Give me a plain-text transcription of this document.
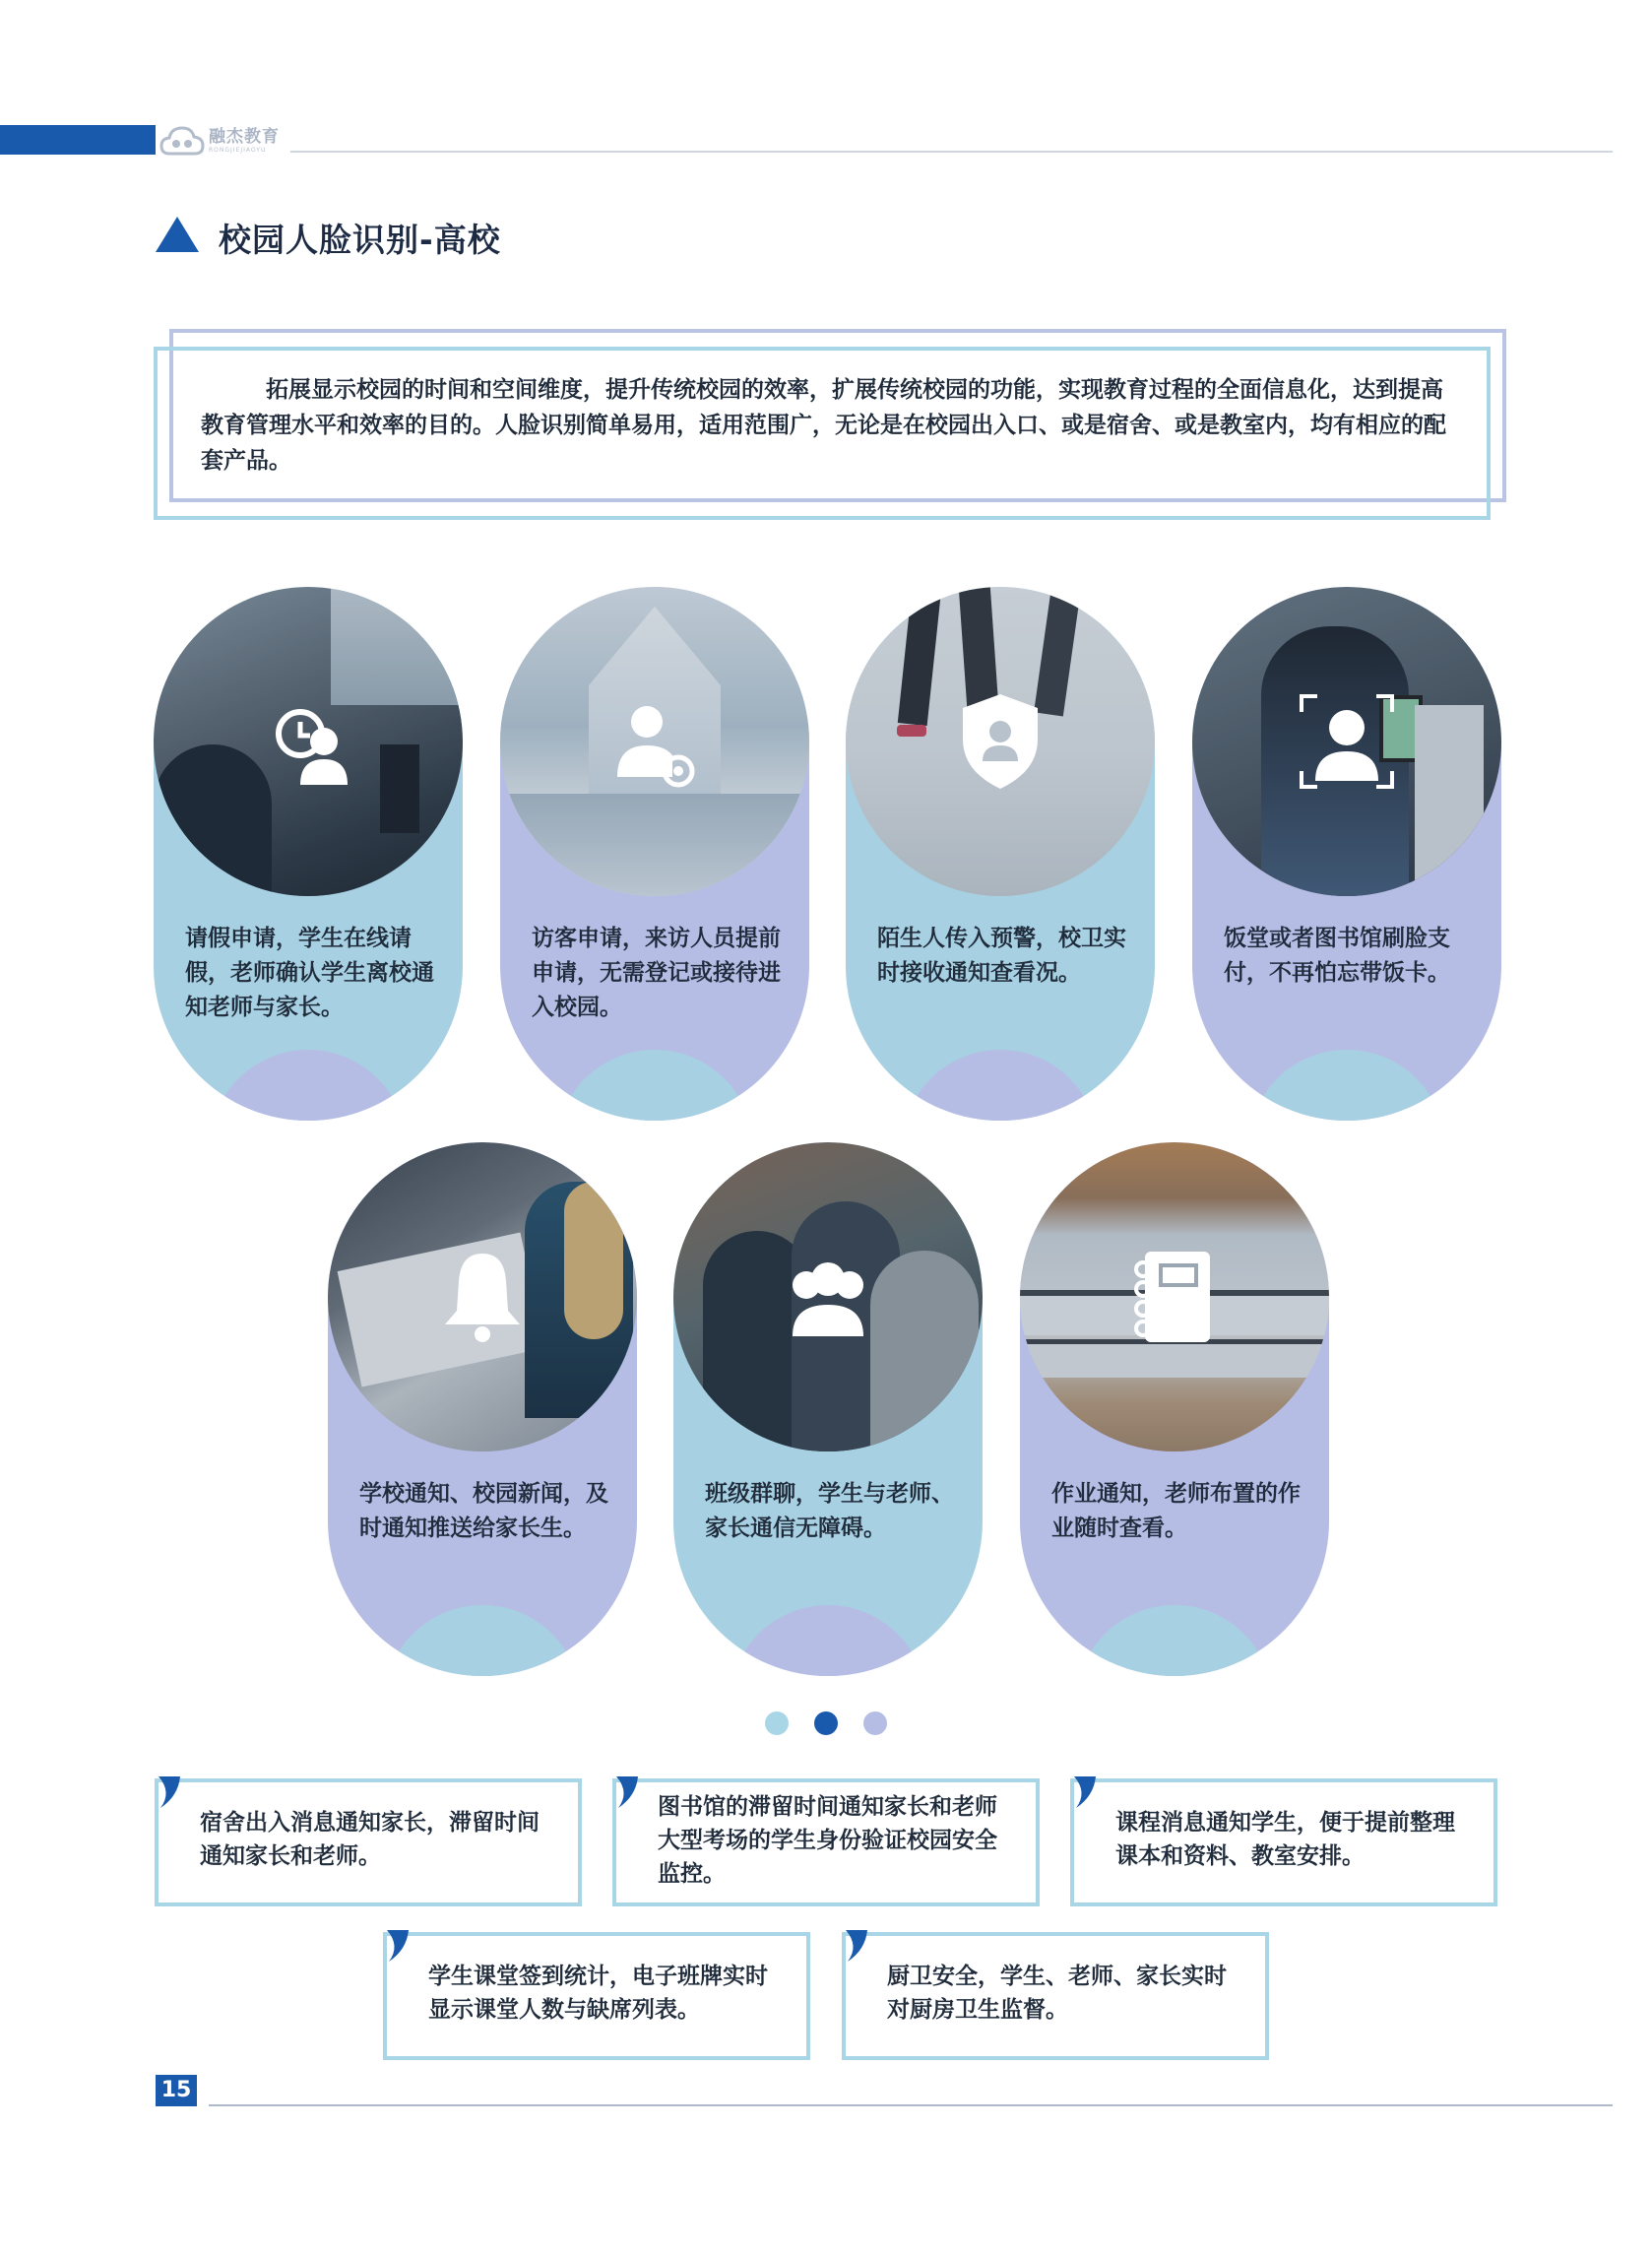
融杰教育
RONGJIEJIAOYU
校园人脸识别-高校
拓展显示校园的时间和空间维度，提升传统校园的效率，扩展传统校园的功能，实现教育过程的全面信息化，达到提高教育管理水平和效率的目的。人脸识别简单易用，适用范围广，无论是在校园出入口、或是宿舍、或是教室内，均有相应的配套产品。
请假申请，学生在线请假，老师确认学生离校通知老师与家长。
访客申请，来访人员提前申请，无需登记或接待进入校园。
陌生人传入预警，校卫实时接收通知查看况。
饭堂或者图书馆刷脸支付，不再怕忘带饭卡。
学校通知、校园新闻，及时通知推送给家长生。
班级群聊，学生与老师、家长通信无障碍。
作业通知，老师布置的作业随时查看。
宿舍出入消息通知家长，滞留时间通知家长和老师。
图书馆的滞留时间通知家长和老师大型考场的学生身份验证校园安全监控。
课程消息通知学生，便于提前整理课本和资料、教室安排。
学生课堂签到统计，电子班牌实时显示课堂人数与缺席列表。
厨卫安全，学生、老师、家长实时对厨房卫生监督。
15
